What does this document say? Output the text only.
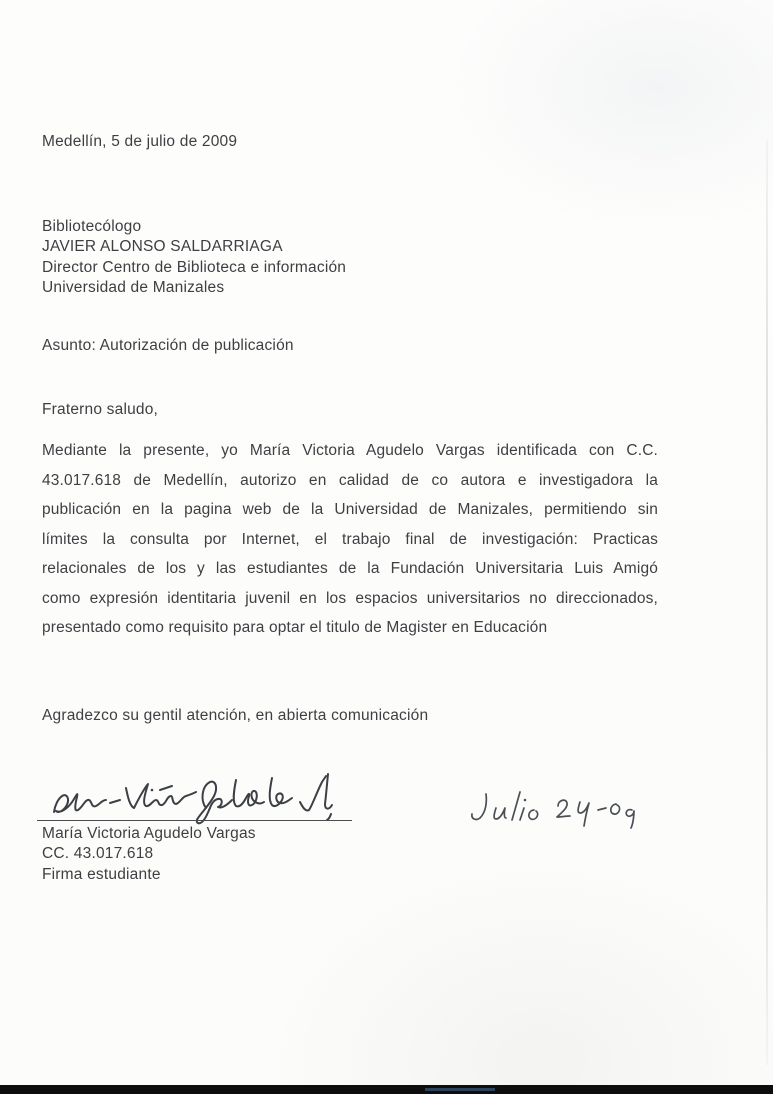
Medellín, 5 de julio de 2009
Bibliotecólogo
JAVIER ALONSO SALDARRIAGA
Director Centro de Biblioteca e información
Universidad de Manizales
Asunto: Autorización de publicación
Fraterno saludo,
Mediante la presente, yo María Victoria Agudelo Vargas identificada con C.C.
43.017.618 de Medellín, autorizo en calidad de co autora e investigadora la
publicación en la pagina web de la Universidad de Manizales, permitiendo sin
límites la consulta por Internet, el trabajo final de investigación: Practicas
relacionales de los y las estudiantes de la Fundación Universitaria Luis Amigó
como expresión identitaria juvenil en los espacios universitarios no direccionados,
presentado como requisito para optar el titulo de Magister en Educación
Agradezco su gentil atención, en abierta comunicación
María Victoria Agudelo Vargas
CC. 43.017.618
Firma estudiante
